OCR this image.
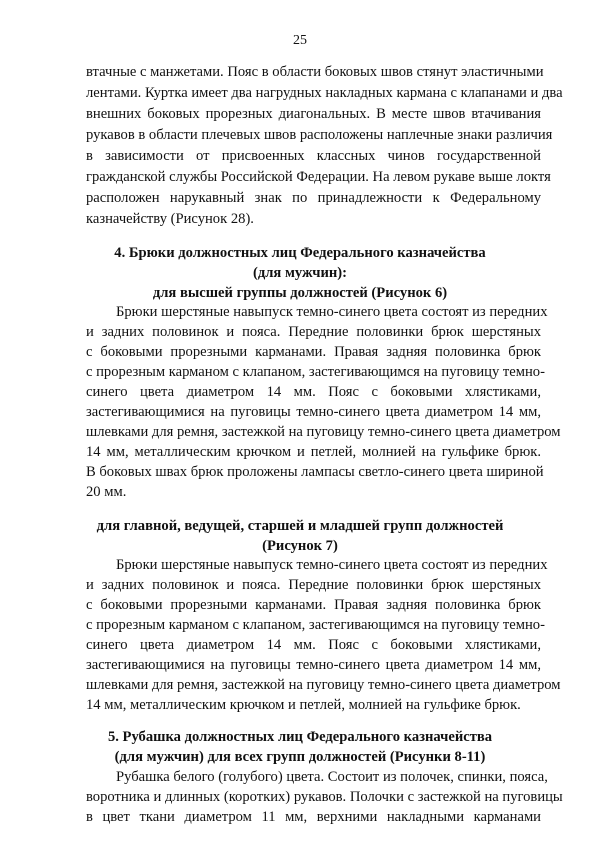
25
втачные с манжетами. Пояс в области боковых швов стянут эластичными
лентами. Куртка имеет два нагрудных накладных кармана с клапанами и два
внешних боковых прорезных диагональных. В месте швов втачивания
рукавов в области плечевых швов расположены наплечные знаки различия
в зависимости от присвоенных классных чинов государственной
гражданской службы Российской Федерации. На левом рукаве выше локтя
расположен нарукавный знак по принадлежности к Федеральному
казначейству (Рисунок 28).
4. Брюки должностных лиц Федерального казначейства
(для мужчин):
для высшей группы должностей (Рисунок 6)
Брюки шерстяные навыпуск темно-синего цвета состоят из передних
и задних половинок и пояса. Передние половинки брюк шерстяных
с боковыми прорезными карманами. Правая задняя половинка брюк
с прорезным карманом с клапаном, застегивающимся на пуговицу темно-
синего цвета диаметром 14 мм. Пояс с боковыми хлястиками,
застегивающимися на пуговицы темно-синего цвета диаметром 14 мм,
шлевками для ремня, застежкой на пуговицу темно-синего цвета диаметром
14 мм, металлическим крючком и петлей, молнией на гульфике брюк.
В боковых швах брюк проложены лампасы светло-синего цвета шириной
20 мм.
для главной, ведущей, старшей и младшей групп должностей
(Рисунок 7)
Брюки шерстяные навыпуск темно-синего цвета состоят из передних
и задних половинок и пояса. Передние половинки брюк шерстяных
с боковыми прорезными карманами. Правая задняя половинка брюк
с прорезным карманом с клапаном, застегивающимся на пуговицу темно-
синего цвета диаметром 14 мм. Пояс с боковыми хлястиками,
застегивающимися на пуговицы темно-синего цвета диаметром 14 мм,
шлевками для ремня, застежкой на пуговицу темно-синего цвета диаметром
14 мм, металлическим крючком и петлей, молнией на гульфике брюк.
5. Рубашка должностных лиц Федерального казначейства
(для мужчин) для всех групп должностей (Рисунки 8-11)
Рубашка белого (голубого) цвета. Состоит из полочек, спинки, пояса,
воротника и длинных (коротких) рукавов. Полочки с застежкой на пуговицы
в цвет ткани диаметром 11 мм, верхними накладными карманами
